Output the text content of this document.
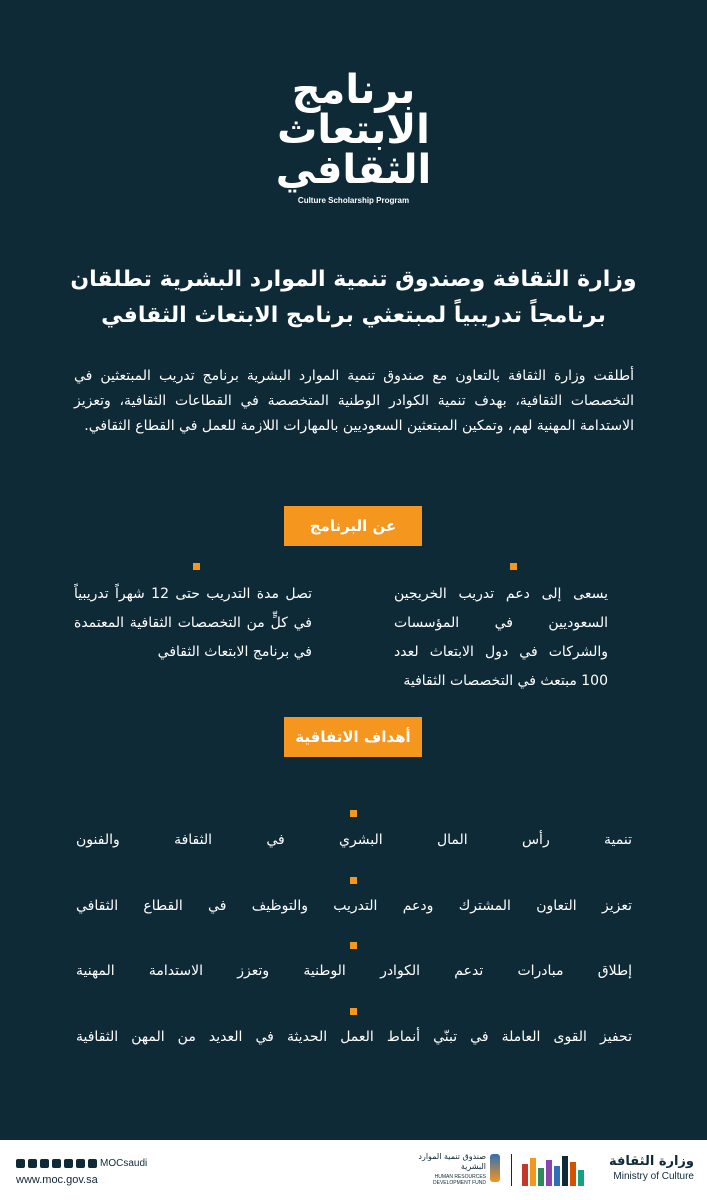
برنامج
الابتعاث
الثقافي
Culture Scholarship Program
وزارة الثقافة وصندوق تنمية الموارد البشرية تطلقان
برنامجاً تدريبياً لمبتعثي برنامج الابتعاث الثقافي
أطلقت وزارة الثقافة بالتعاون مع صندوق تنمية الموارد البشرية برنامج تدريب المبتعثين في التخصصات الثقافية، بهدف تنمية الكوادر الوطنية المتخصصة في القطاعات الثقافية، وتعزيز الاستدامة المهنية لهم، وتمكين المبتعثين السعوديين بالمهارات اللازمة للعمل في القطاع الثقافي.
عن البرنامج
يسعى إلى دعم تدريب الخريجين السعوديين في المؤسسات والشركات في دول الابتعاث لعدد 100 مبتعث في التخصصات الثقافية
تصل مدة التدريب حتى 12 شهراً تدريبياً في كلٍّ من التخصصات الثقافية المعتمدة في برنامج الابتعاث الثقافي
أهداف الاتفاقية
تنمية رأس المال البشري في الثقافة والفنون
تعزيز التعاون المشترك ودعم التدريب والتوظيف في القطاع الثقافي
إطلاق مبادرات تدعم الكوادر الوطنية وتعزز الاستدامة المهنية
تحفيز القوى العاملة في تبنّي أنماط العمل الحديثة في العديد من المهن الثقافية
MOCsaudi
www.moc.gov.sa
صندوق تنمية الموارد البشرية
HUMAN RESOURCES DEVELOPMENT FUND
وزارة الثقافة
Ministry of Culture
